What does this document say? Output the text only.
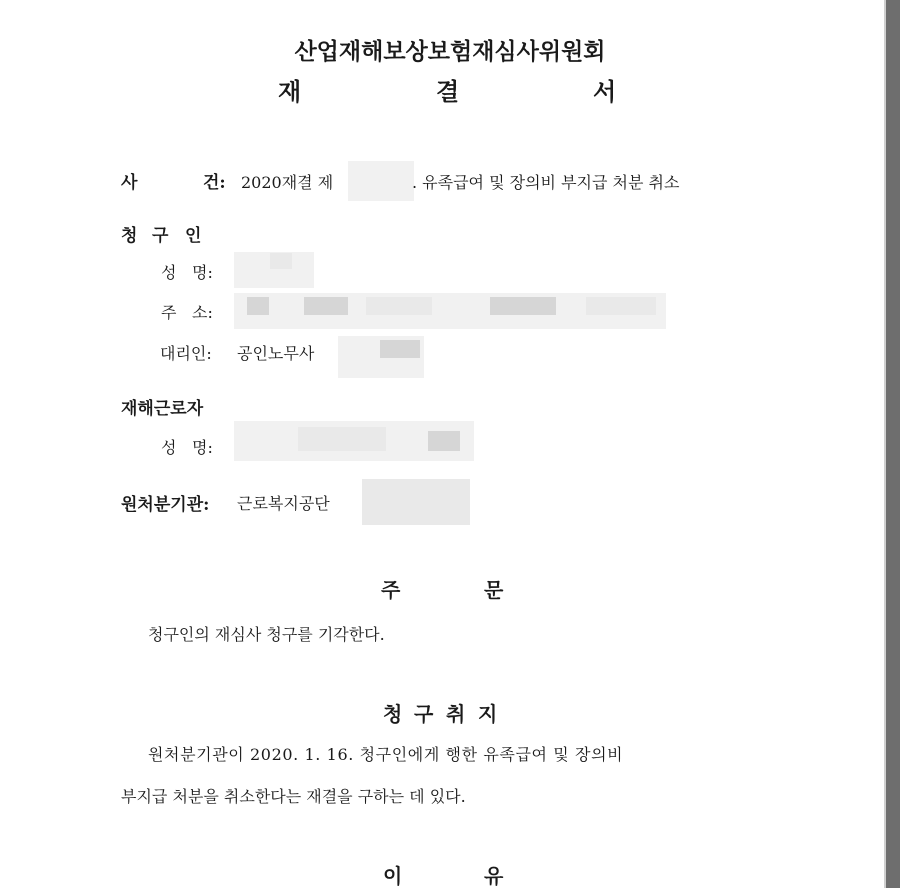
산업재해보상보험재심사위원회
재	결	서
사	건: 2020재결 제	. 유족급여 및 장의비 부지급 처분 취소
청 구 인
성 명:
주 소:
대리인: 공인노무사
재해근로자
성 명:
원처분기관: 근로복지공단
주	문
청구인의 재심사 청구를 기각한다.
청 구 취 지
원처분기관이 2020. 1. 16. 청구인에게 행한 유족급여 및 장의비
부지급 처분을 취소한다는 재결을 구하는 데 있다.
이	유
